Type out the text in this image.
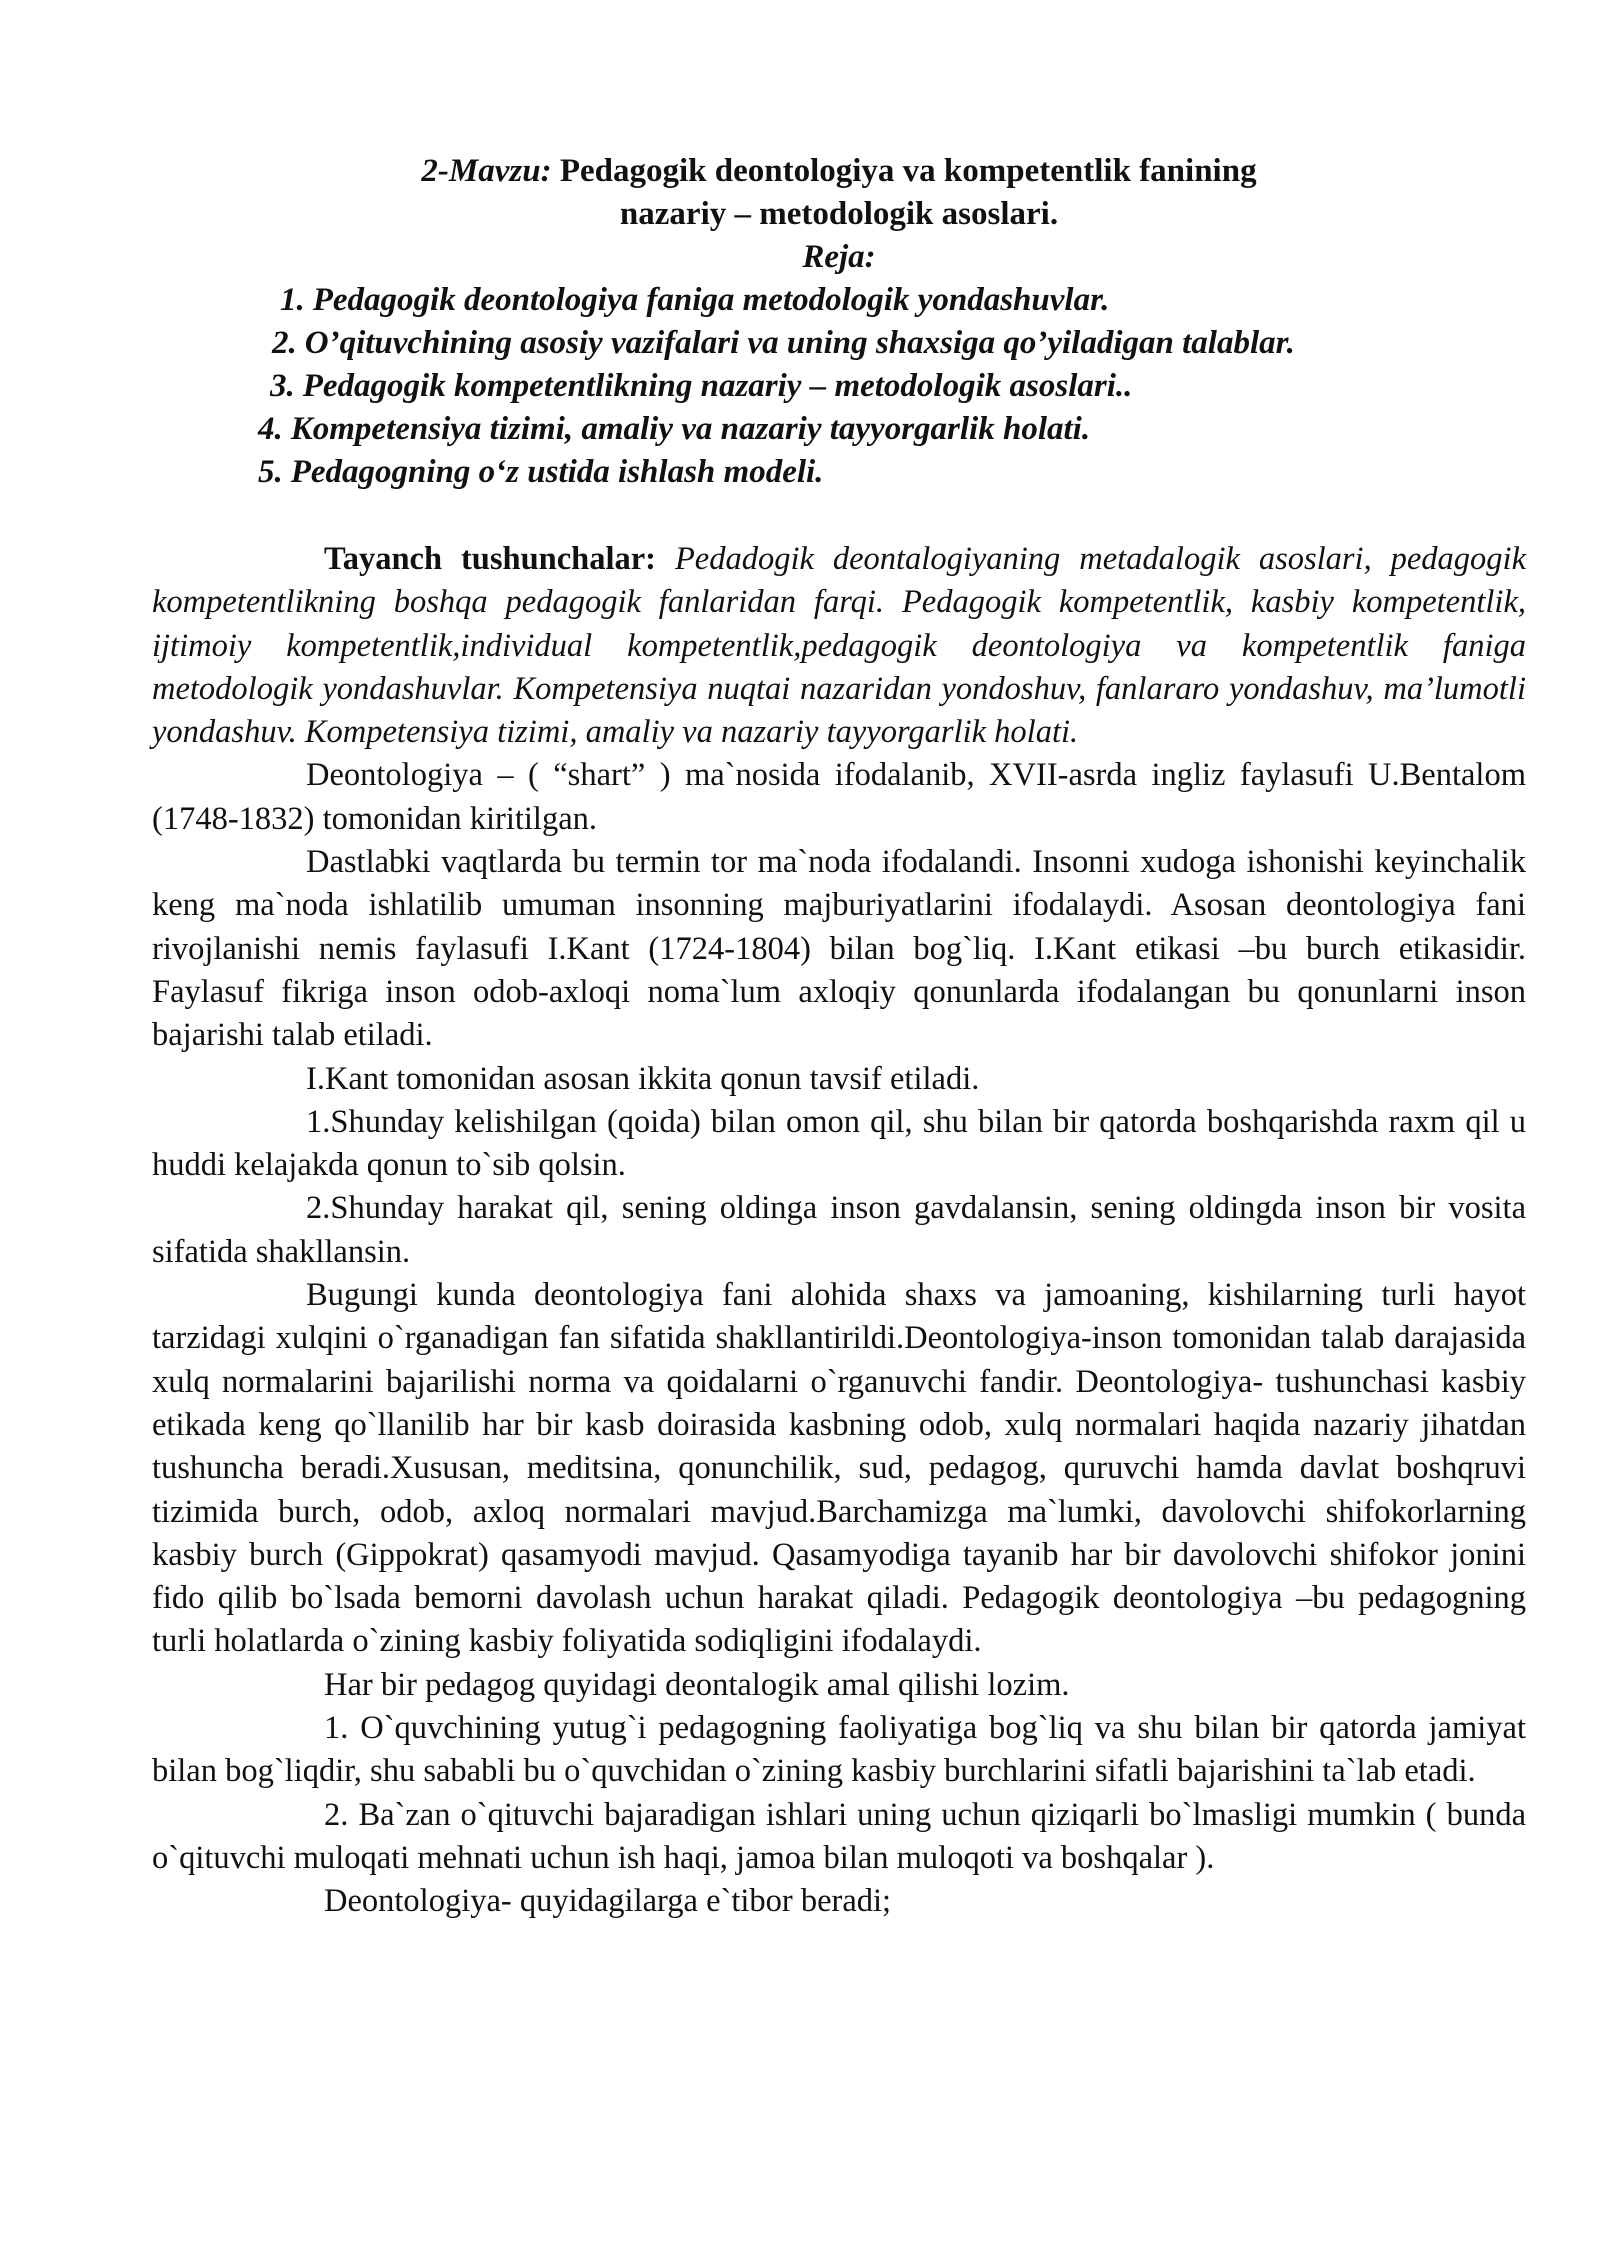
2-Mavzu: Pedagogik deontologiya va kompetentlik fanining

nazariy – metodologik asoslari.

Reja:

1. Pedagogik deontologiya faniga metodologik yondashuvlar.
2. O’qituvchining asosiy vazifalari va uning shaxsiga qo’yiladigan talablar.
3. Pedagogik kompetentlikning nazariy – metodologik asoslari..
4. Kompetensiya tizimi, amaliy va nazariy tayyorgarlik holati.
5. Pedagogning o‘z ustida ishlash modeli.

Tayanch tushunchalar: Pedadogik deontalogiyaning metadalogik asoslari, pedagogik kompetentlikning boshqa pedagogik fanlaridan farqi. Pedagogik kompetentlik, kasbiy kompetentlik, ijtimoiy kompetentlik,individual kompetentlik,pedagogik deontologiya va kompetentlik faniga metodologik yondashuvlar. Kompetensiya nuqtai nazaridan yondoshuv, fanlararo yondashuv, ma’lumotli yondashuv. Kompetensiya tizimi, amaliy va nazariy tayyorgarlik holati.

Deontologiya – ( “shart” ) ma`nosida ifodalanib, XVII-asrda ingliz faylasufi U.Bentalom (1748-1832) tomonidan kiritilgan.

Dastlabki vaqtlarda bu termin tor ma`noda ifodalandi. Insonni xudoga ishonishi keyinchalik keng ma`noda ishlatilib umuman insonning majburiyatlarini ifodalaydi. Asosan deontologiya fani rivojlanishi nemis faylasufi I.Kant (1724-1804) bilan bog`liq. I.Kant etikasi –bu burch etikasidir. Faylasuf fikriga inson odob-axloqi noma`lum axloqiy qonunlarda ifodalangan bu qonunlarni inson bajarishi talab etiladi.

I.Kant tomonidan asosan ikkita qonun tavsif etiladi.

1.Shunday kelishilgan (qoida) bilan omon qil, shu bilan bir qatorda boshqarishda raxm qil u huddi kelajakda qonun to`sib qolsin.

2.Shunday harakat qil, sening oldinga inson gavdalansin, sening oldingda inson bir vosita sifatida shakllansin.

Bugungi kunda deontologiya fani alohida shaxs va jamoaning, kishilarning turli hayot tarzidagi xulqini o`rganadigan fan sifatida shakllantirildi.Deontologiya-inson tomonidan talab darajasida xulq normalarini bajarilishi norma va qoidalarni o`rganuvchi fandir. Deontologiya- tushunchasi kasbiy etikada keng qo`llanilib har bir kasb doirasida kasbning odob, xulq normalari haqida nazariy jihatdan tushuncha beradi.Xususan, meditsina, qonunchilik, sud, pedagog, quruvchi hamda davlat boshqruvi tizimida burch, odob, axloq normalari mavjud.Barchamizga ma`lumki, davolovchi shifokorlarning kasbiy burch (Gippokrat) qasamyodi mavjud. Qasamyodiga tayanib har bir davolovchi shifokor jonini fido qilib bo`lsada bemorni davolash uchun harakat qiladi. Pedagogik deontologiya –bu pedagogning turli holatlarda o`zining kasbiy foliyatida sodiqligini ifodalaydi.

Har bir pedagog quyidagi deontalogik amal qilishi lozim.

1. O`quvchining yutug`i pedagogning faoliyatiga bog`liq va shu bilan bir qatorda jamiyat bilan bog`liqdir, shu sababli bu o`quvchidan o`zining kasbiy burchlarini sifatli bajarishini ta`lab etadi.

2. Ba`zan o`qituvchi bajaradigan ishlari uning uchun qiziqarli bo`lmasligi mumkin ( bunda o`qituvchi muloqati mehnati uchun ish haqi, jamoa bilan muloqoti va boshqalar ).

Deontologiya- quyidagilarga e`tibor beradi;
